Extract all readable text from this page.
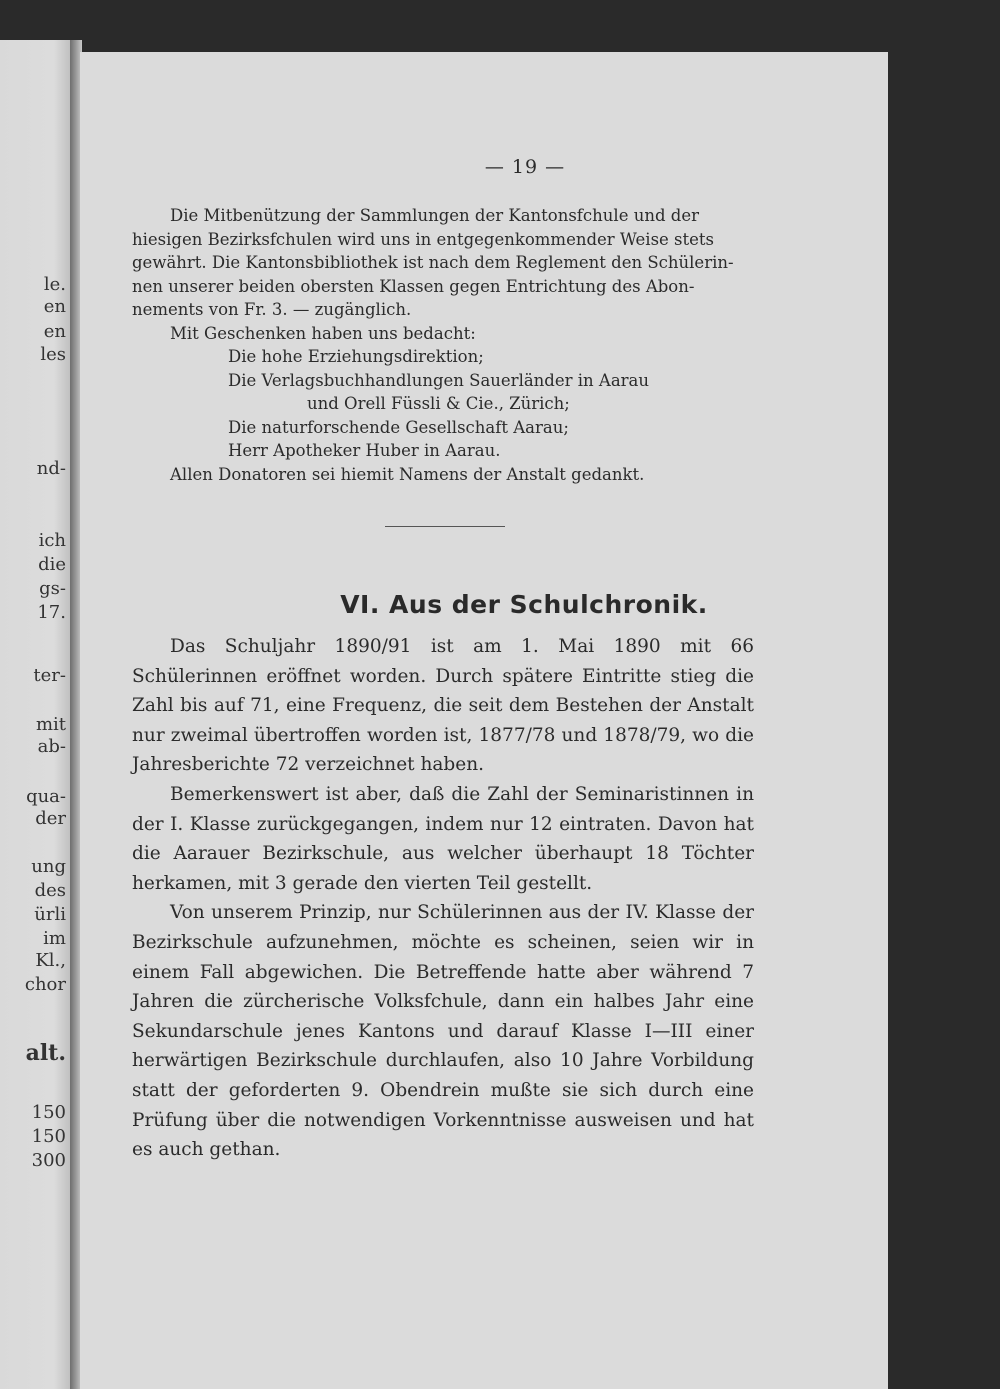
le.
en
en
les
nd-
ich
die
gs-
17.
ter-
mit
ab-
qua-
der
ung
des
ürli
im
Kl.,
chor
alt.
150
150
300

— 19 —

Die Mitbenützung der Sammlungen der Kantonsfchule und der

hiesigen Bezirksfchulen wird uns in entgegenkommender Weise stets

gewährt. Die Kantonsbibliothek ist nach dem Reglement den Schülerin-

nen unserer beiden obersten Klassen gegen Entrichtung des Abon-

nements von Fr. 3. — zugänglich.

Mit Geschenken haben uns bedacht:

Die hohe Erziehungsdirektion;
Die Verlagsbuchhandlungen Sauerländer in Aarau
und Orell Füssli & Cie., Zürich;
Die naturforschende Gesellschaft Aarau;
Herr Apotheker Huber in Aarau.

Allen Donatoren sei hiemit Namens der Anstalt gedankt.

VI. Aus der Schulchronik.

Das Schuljahr 1890/91 ist am 1. Mai 1890 mit 66 Schülerinnen eröffnet worden. Durch spätere Eintritte stieg die Zahl bis auf 71, eine Frequenz, die seit dem Bestehen der Anstalt nur zweimal übertroffen worden ist, 1877/78 und 1878/79, wo die Jahresberichte 72 verzeichnet haben.

Bemerkenswert ist aber, daß die Zahl der Seminaristinnen in der I. Klasse zurückgegangen, indem nur 12 eintraten. Davon hat die Aarauer Bezirkschule, aus welcher überhaupt 18 Töchter herkamen, mit 3 gerade den vierten Teil gestellt.

Von unserem Prinzip, nur Schülerinnen aus der IV. Klasse der Bezirkschule aufzunehmen, möchte es scheinen, seien wir in einem Fall abgewichen. Die Betreffende hatte aber während 7 Jahren die zürcherische Volksfchule, dann ein halbes Jahr eine Sekundarschule jenes Kantons und darauf Klasse I—III einer herwärtigen Bezirkschule durchlaufen, also 10 Jahre Vorbildung statt der geforderten 9. Obendrein mußte sie sich durch eine Prüfung über die notwendigen Vorkenntnisse ausweisen und hat es auch gethan.
